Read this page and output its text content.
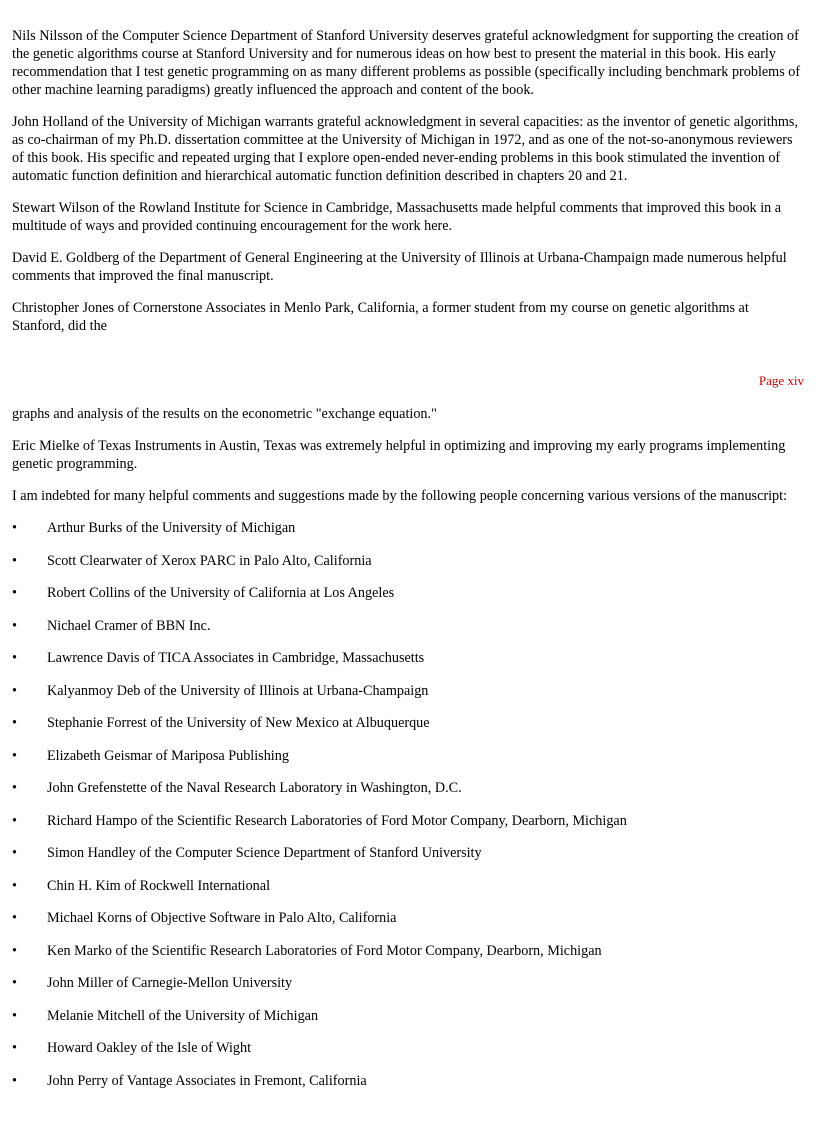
Nils Nilsson of the Computer Science Department of Stanford University deserves grateful acknowledgment for supporting the creation of the genetic algorithms course at Stanford University and for numerous ideas on how best to present the material in this book. His early recommendation that I test genetic programming on as many different problems as possible (specifically including benchmark problems of other machine learning paradigms) greatly influenced the approach and content of the book.

John Holland of the University of Michigan warrants grateful acknowledgment in several capacities: as the inventor of genetic algorithms, as co-chairman of my Ph.D. dissertation committee at the University of Michigan in 1972, and as one of the not-so-anonymous reviewers of this book. His specific and repeated urging that I explore open-ended never-ending problems in this book stimulated the invention of automatic function definition and hierarchical automatic function definition described in chapters 20 and 21.

Stewart Wilson of the Rowland Institute for Science in Cambridge, Massachusetts made helpful comments that improved this book in a multitude of ways and provided continuing encouragement for the work here.

David E. Goldberg of the Department of General Engineering at the University of Illinois at Urbana-Champaign made numerous helpful comments that improved the final manuscript.

Christopher Jones of Cornerstone Associates in Menlo Park, California, a former student from my course on genetic algorithms at Stanford, did the

Page xiv

graphs and analysis of the results on the econometric "exchange equation."

Eric Mielke of Texas Instruments in Austin, Texas was extremely helpful in optimizing and improving my early programs implementing genetic programming.

I am indebted for many helpful comments and suggestions made by the following people concerning various versions of the manuscript:

•	Arthur Burks of the University of Michigan
•	Scott Clearwater of Xerox PARC in Palo Alto, California
•	Robert Collins of the University of California at Los Angeles
•	Nichael Cramer of BBN Inc.
•	Lawrence Davis of TICA Associates in Cambridge, Massachusetts
•	Kalyanmoy Deb of the University of Illinois at Urbana-Champaign
•	Stephanie Forrest of the University of New Mexico at Albuquerque
•	Elizabeth Geismar of Mariposa Publishing
•	John Grefenstette of the Naval Research Laboratory in Washington, D.C.
•	Richard Hampo of the Scientific Research Laboratories of Ford Motor Company, Dearborn, Michigan
•	Simon Handley of the Computer Science Department of Stanford University
•	Chin H. Kim of Rockwell International
•	Michael Korns of Objective Software in Palo Alto, California
•	Ken Marko of the Scientific Research Laboratories of Ford Motor Company, Dearborn, Michigan
•	John Miller of Carnegie-Mellon University
•	Melanie Mitchell of the University of Michigan
•	Howard Oakley of the Isle of Wight
•	John Perry of Vantage Associates in Fremont, California
